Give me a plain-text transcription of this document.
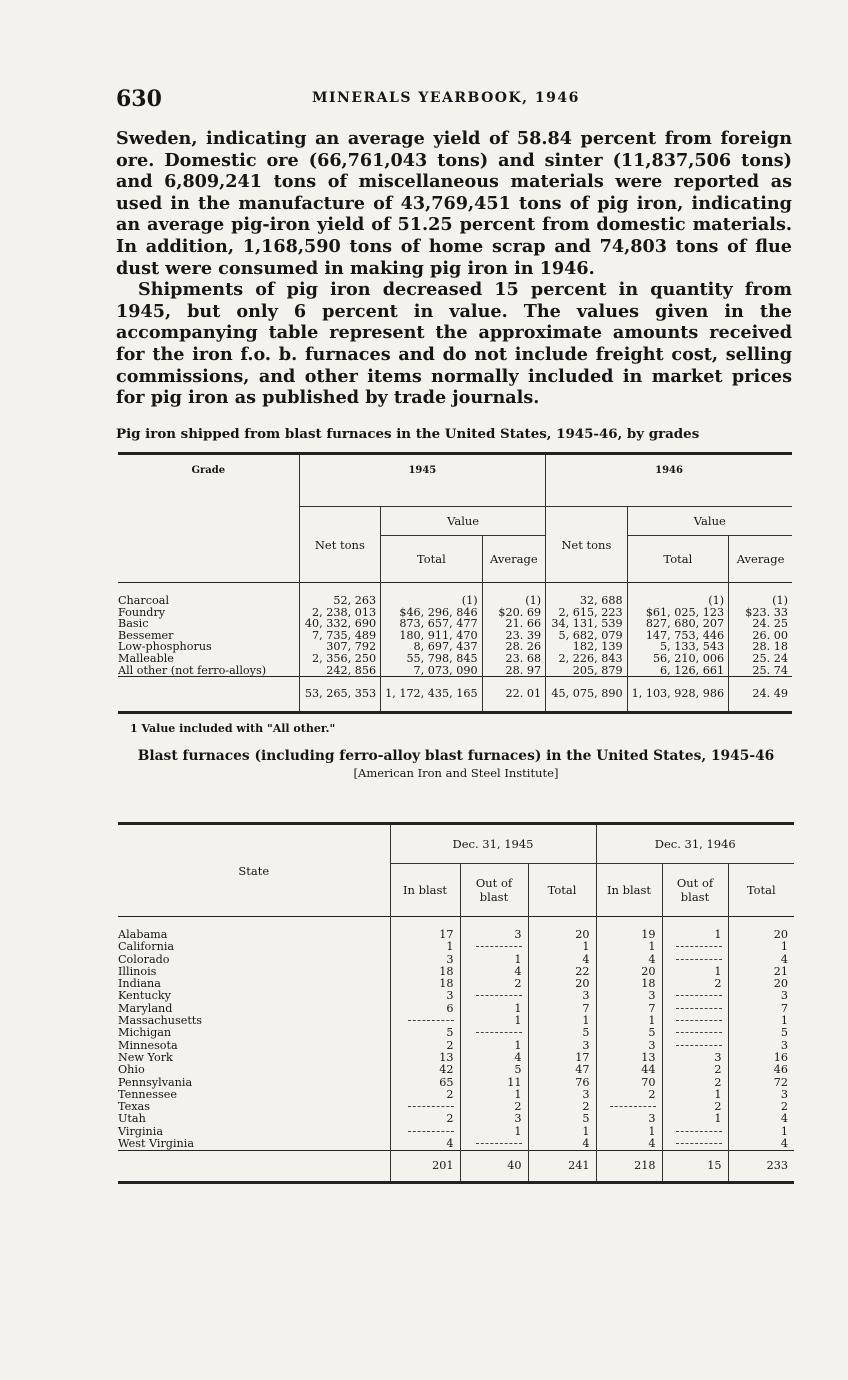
630	MINERALS YEARBOOK, 1946

Sweden, indicating an average yield of 58.84 percent from foreign ore. Domestic ore (66,761,043 tons) and sinter (11,837,506 tons) and 6,809,241 tons of miscellaneous materials were reported as used in the manufacture of 43,769,451 tons of pig iron, indicating an average pig-iron yield of 51.25 percent from domestic materials. In addition, 1,168,590 tons of home scrap and 74,803 tons of flue dust were consumed in making pig iron in 1946.

Shipments of pig iron decreased 15 percent in quantity from 1945, but only 6 percent in value. The values given in the accompanying table represent the approximate amounts received for the iron f.o. b. furnaces and do not include freight cost, selling commissions, and other items normally included in market prices for pig iron as published by trade journals.

Pig iron shipped from blast furnaces in the United States, 1945-46, by grades
Grade	1945			1946		
	Net tons	Value		Net tons	Value	
		Total	Average		Total	Average

Charcoal	52, 263	(1)	(1)	32, 688	(1)	(1)
Foundry	2, 238, 013	$46, 296, 846	$20. 69	2, 615, 223	$61, 025, 123	$23. 33
Basic	40, 332, 690	873, 657, 477	21. 66	34, 131, 539	827, 680, 207	24. 25
Bessemer	7, 735, 489	180, 911, 470	23. 39	5, 682, 079	147, 753, 446	26. 00
Low-phosphorus	307, 792	8, 697, 437	28. 26	182, 139	5, 133, 543	28. 18
Malleable	2, 356, 250	55, 798, 845	23. 68	2, 226, 843	56, 210, 006	25. 24
All other (not ferro-alloys)	242, 856	7, 073, 090	28. 97	205, 879	6, 126, 661	25. 74
	53, 265, 353	1, 172, 435, 165	22. 01	45, 075, 890	1, 103, 928, 986	24. 49
1 Value included with "All other."
Blast furnaces (including ferro-alloy blast furnaces) in the United States, 1945-46
[American Iron and Steel Institute]
State	Dec. 31, 1945			Dec. 31, 1946		
	In blast	Out of blast	Total	In blast	Out of blast	Total

Alabama	17	3	20	19	1	20
California	1		1	1		1
Colorado	3	1	4	4		4
Illinois	18	4	22	20	1	21
Indiana	18	2	20	18	2	20
Kentucky	3		3	3		3
Maryland	6	1	7	7		7
Massachusetts		1	1	1		1
Michigan	5		5	5		5
Minnesota	2	1	3	3		3
New York	13	4	17	13	3	16
Ohio	42	5	47	44	2	46
Pennsylvania	65	11	76	70	2	72
Tennessee	2	1	3	2	1	3
Texas		2	2		2	2
Utah	2	3	5	3	1	4
Virginia		1	1	1		1
West Virginia	4		4	4		4
	201	40	241	218	15	233
